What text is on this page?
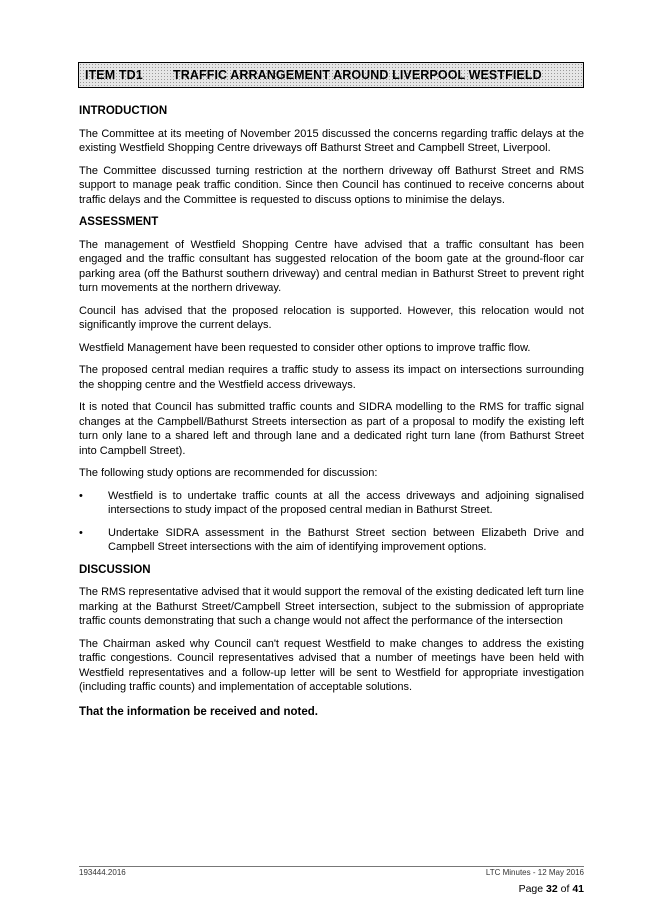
ITEM TD1	TRAFFIC ARRANGEMENT AROUND LIVERPOOL WESTFIELD
INTRODUCTION

The Committee at its meeting of November 2015 discussed the concerns regarding traffic delays at the existing Westfield Shopping Centre driveways off Bathurst Street and Campbell Street, Liverpool.

The Committee discussed turning restriction at the northern driveway off Bathurst Street and RMS support to manage peak traffic condition. Since then Council has continued to receive concerns about traffic delays and the Committee is requested to discuss options to minimise the delays.

ASSESSMENT

The management of Westfield Shopping Centre have advised that a traffic consultant has been engaged and the traffic consultant has suggested relocation of the boom gate at the ground-floor car parking area (off the Bathurst southern driveway) and central median in Bathurst Street to prevent right turn movements at the northern driveway.

Council has advised that the proposed relocation is supported. However, this relocation would not significantly improve the current delays.

Westfield Management have been requested to consider other options to improve traffic flow.

The proposed central median requires a traffic study to assess its impact on intersections surrounding the shopping centre and the Westfield access driveways.

It is noted that Council has submitted traffic counts and SIDRA modelling to the RMS for traffic signal changes at the Campbell/Bathurst Streets intersection as part of a proposal to modify the existing left turn only lane to a shared left and through lane and a dedicated right turn lane (from Bathurst Street into Campbell Street).

The following study options are recommended for discussion:

•	Westfield is to undertake traffic counts at all the access driveways and adjoining signalised intersections to study impact of the proposed central median in Bathurst Street.
•	Undertake SIDRA assessment in the Bathurst Street section between Elizabeth Drive and Campbell Street intersections with the aim of identifying improvement options.
DISCUSSION

The RMS representative advised that it would support the removal of the existing dedicated left turn line marking at the Bathurst Street/Campbell Street intersection, subject to the submission of appropriate traffic counts demonstrating that such a change would not affect the performance of the intersection

The Chairman asked why Council can't request Westfield to make changes to address the existing traffic congestions. Council representatives advised that a number of meetings have been held with Westfield representatives and a follow-up letter will be sent to Westfield for appropriate investigation (including traffic counts) and implementation of acceptable solutions.

That the information be received and noted.
193444.2016	LTC Minutes - 12 May 2016
Page 32 of 41
